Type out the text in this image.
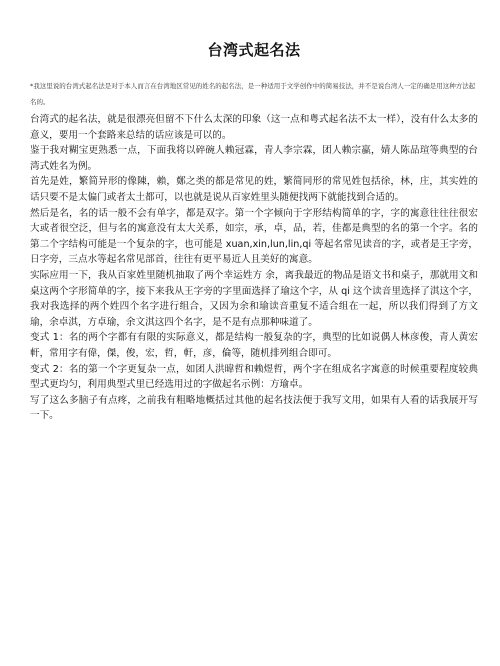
台湾式起名法
*我这里说的台湾式起名法是对于本人而言在台湾地区常见的姓名的起名法，是一种适用于文学创作中的简易技法，并不是说台湾人一定的确是用这种方法起名的。

台湾式的起名法，就是很漂亮但留不下什么太深的印象（这一点和粤式起名法不太一样），没有什么太多的意义，要用一个套路来总结的话应该是可以的。

鉴于我对糊宝更熟悉一点，下面我将以碎碗人赖冠霖，青人李宗霖，团人赖宗嬴，婧人陈品瑄等典型的台湾式姓名为例。

首先是姓，繁简异形的像陳，賴，鄭之类的都是常见的姓，繁简同形的常见姓包括徐，林，庄，其实姓的话只要不是太偏门或者太土都可，以也就是说从百家姓里头随便找两下就能找到合适的。

然后是名，名的话一般不会有单字，都是双字。第一个字倾向于字形结构简单的字，字的寓意往往往很宏大或者很空泛，但与名的寓意没有太大关系，如宗，承，卓，品，若，佳都是典型的名的第一个字。名的第二个字结构可能是一个复杂的字，也可能是 xuan,xin,lun,lin,qi 等起名常见读音的字，或者是王字旁，日字旁，三点水等起名常见部首，往往有更平易近人且美好的寓意。

实际应用一下，我从百家姓里随机抽取了两个幸运姓方 余，离我最近的物品是语文书和桌子，那就用文和桌这两个字形简单的字，接下来我从王字旁的字里面选择了瑜这个字，从 qi 这个读音里选择了淇这个字，我对我选择的两个姓四个名字进行组合，又因为余和瑜读音重复不适合组在一起，所以我们得到了方文瑜，余卓淇，方卓瑜，余文淇这四个名字，是不是有点那种味道了。

变式 1：名的两个字都有有限的实际意义，都是结构一般复杂的字，典型的比如说偶人林彦俊，青人黄宏軒，常用字有偉，傑，俊，宏，哲，軒，彦，倫等，随机排列组合即可。

变式 2：名的第一个字更复杂一点，如团人洪暐哲和赖煜哲，两个字在组成名字寓意的时候重要程度较典型式更均匀，利用典型式里已经选用过的字做起名示例：方瑜卓。

写了这么多脑子有点疼，之前我有粗略地概括过其他的起名技法便于我写文用，如果有人看的话我展开写一下。
